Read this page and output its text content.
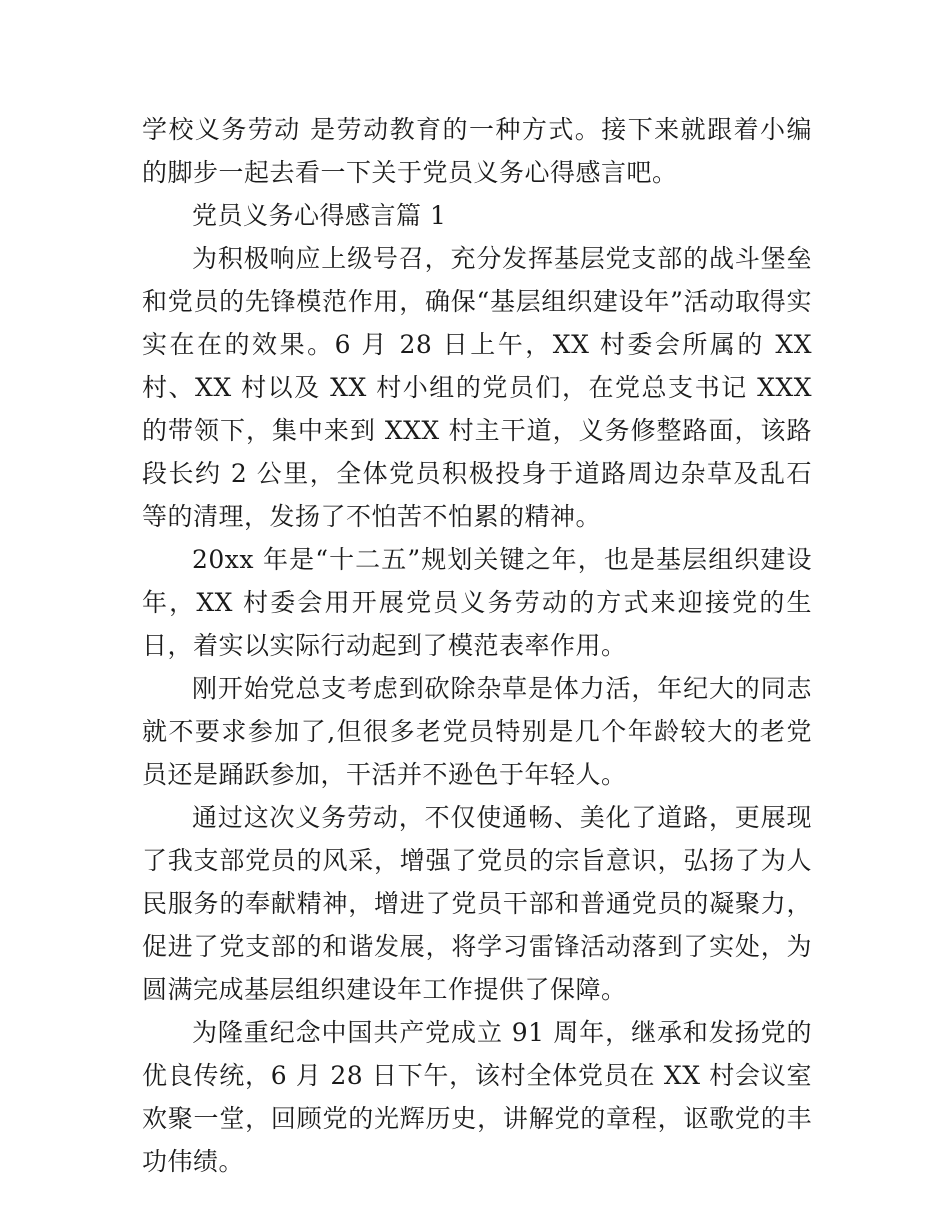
学校义务劳动 是劳动教育的一种方式。接下来就跟着小编的脚步一起去看一下关于党员义务心得感言吧。

党员义务心得感言篇 1

为积极响应上级号召，充分发挥基层党支部的战斗堡垒和党员的先锋模范作用，确保“基层组织建设年”活动取得实实在在的效果。6 月 28 日上午，XX 村委会所属的 XX 村、XX 村以及 XX 村小组的党员们，在党总支书记 XXX 的带领下，集中来到 XXX 村主干道，义务修整路面，该路段长约 2 公里，全体党员积极投身于道路周边杂草及乱石等的清理，发扬了不怕苦不怕累的精神。

20xx 年是“十二五”规划关键之年，也是基层组织建设年，XX 村委会用开展党员义务劳动的方式来迎接党的生日，着实以实际行动起到了模范表率作用。

刚开始党总支考虑到砍除杂草是体力活，年纪大的同志就不要求参加了,但很多老党员特别是几个年龄较大的老党员还是踊跃参加，干活并不逊色于年轻人。

通过这次义务劳动，不仅使通畅、美化了道路，更展现了我支部党员的风采，增强了党员的宗旨意识，弘扬了为人民服务的奉献精神，增进了党员干部和普通党员的凝聚力，促进了党支部的和谐发展，将学习雷锋活动落到了实处，为圆满完成基层组织建设年工作提供了保障。

为隆重纪念中国共产党成立 91 周年，继承和发扬党的优良传统，6 月 28 日下午，该村全体党员在 XX 村会议室欢聚一堂，回顾党的光辉历史，讲解党的章程，讴歌党的丰功伟绩。
